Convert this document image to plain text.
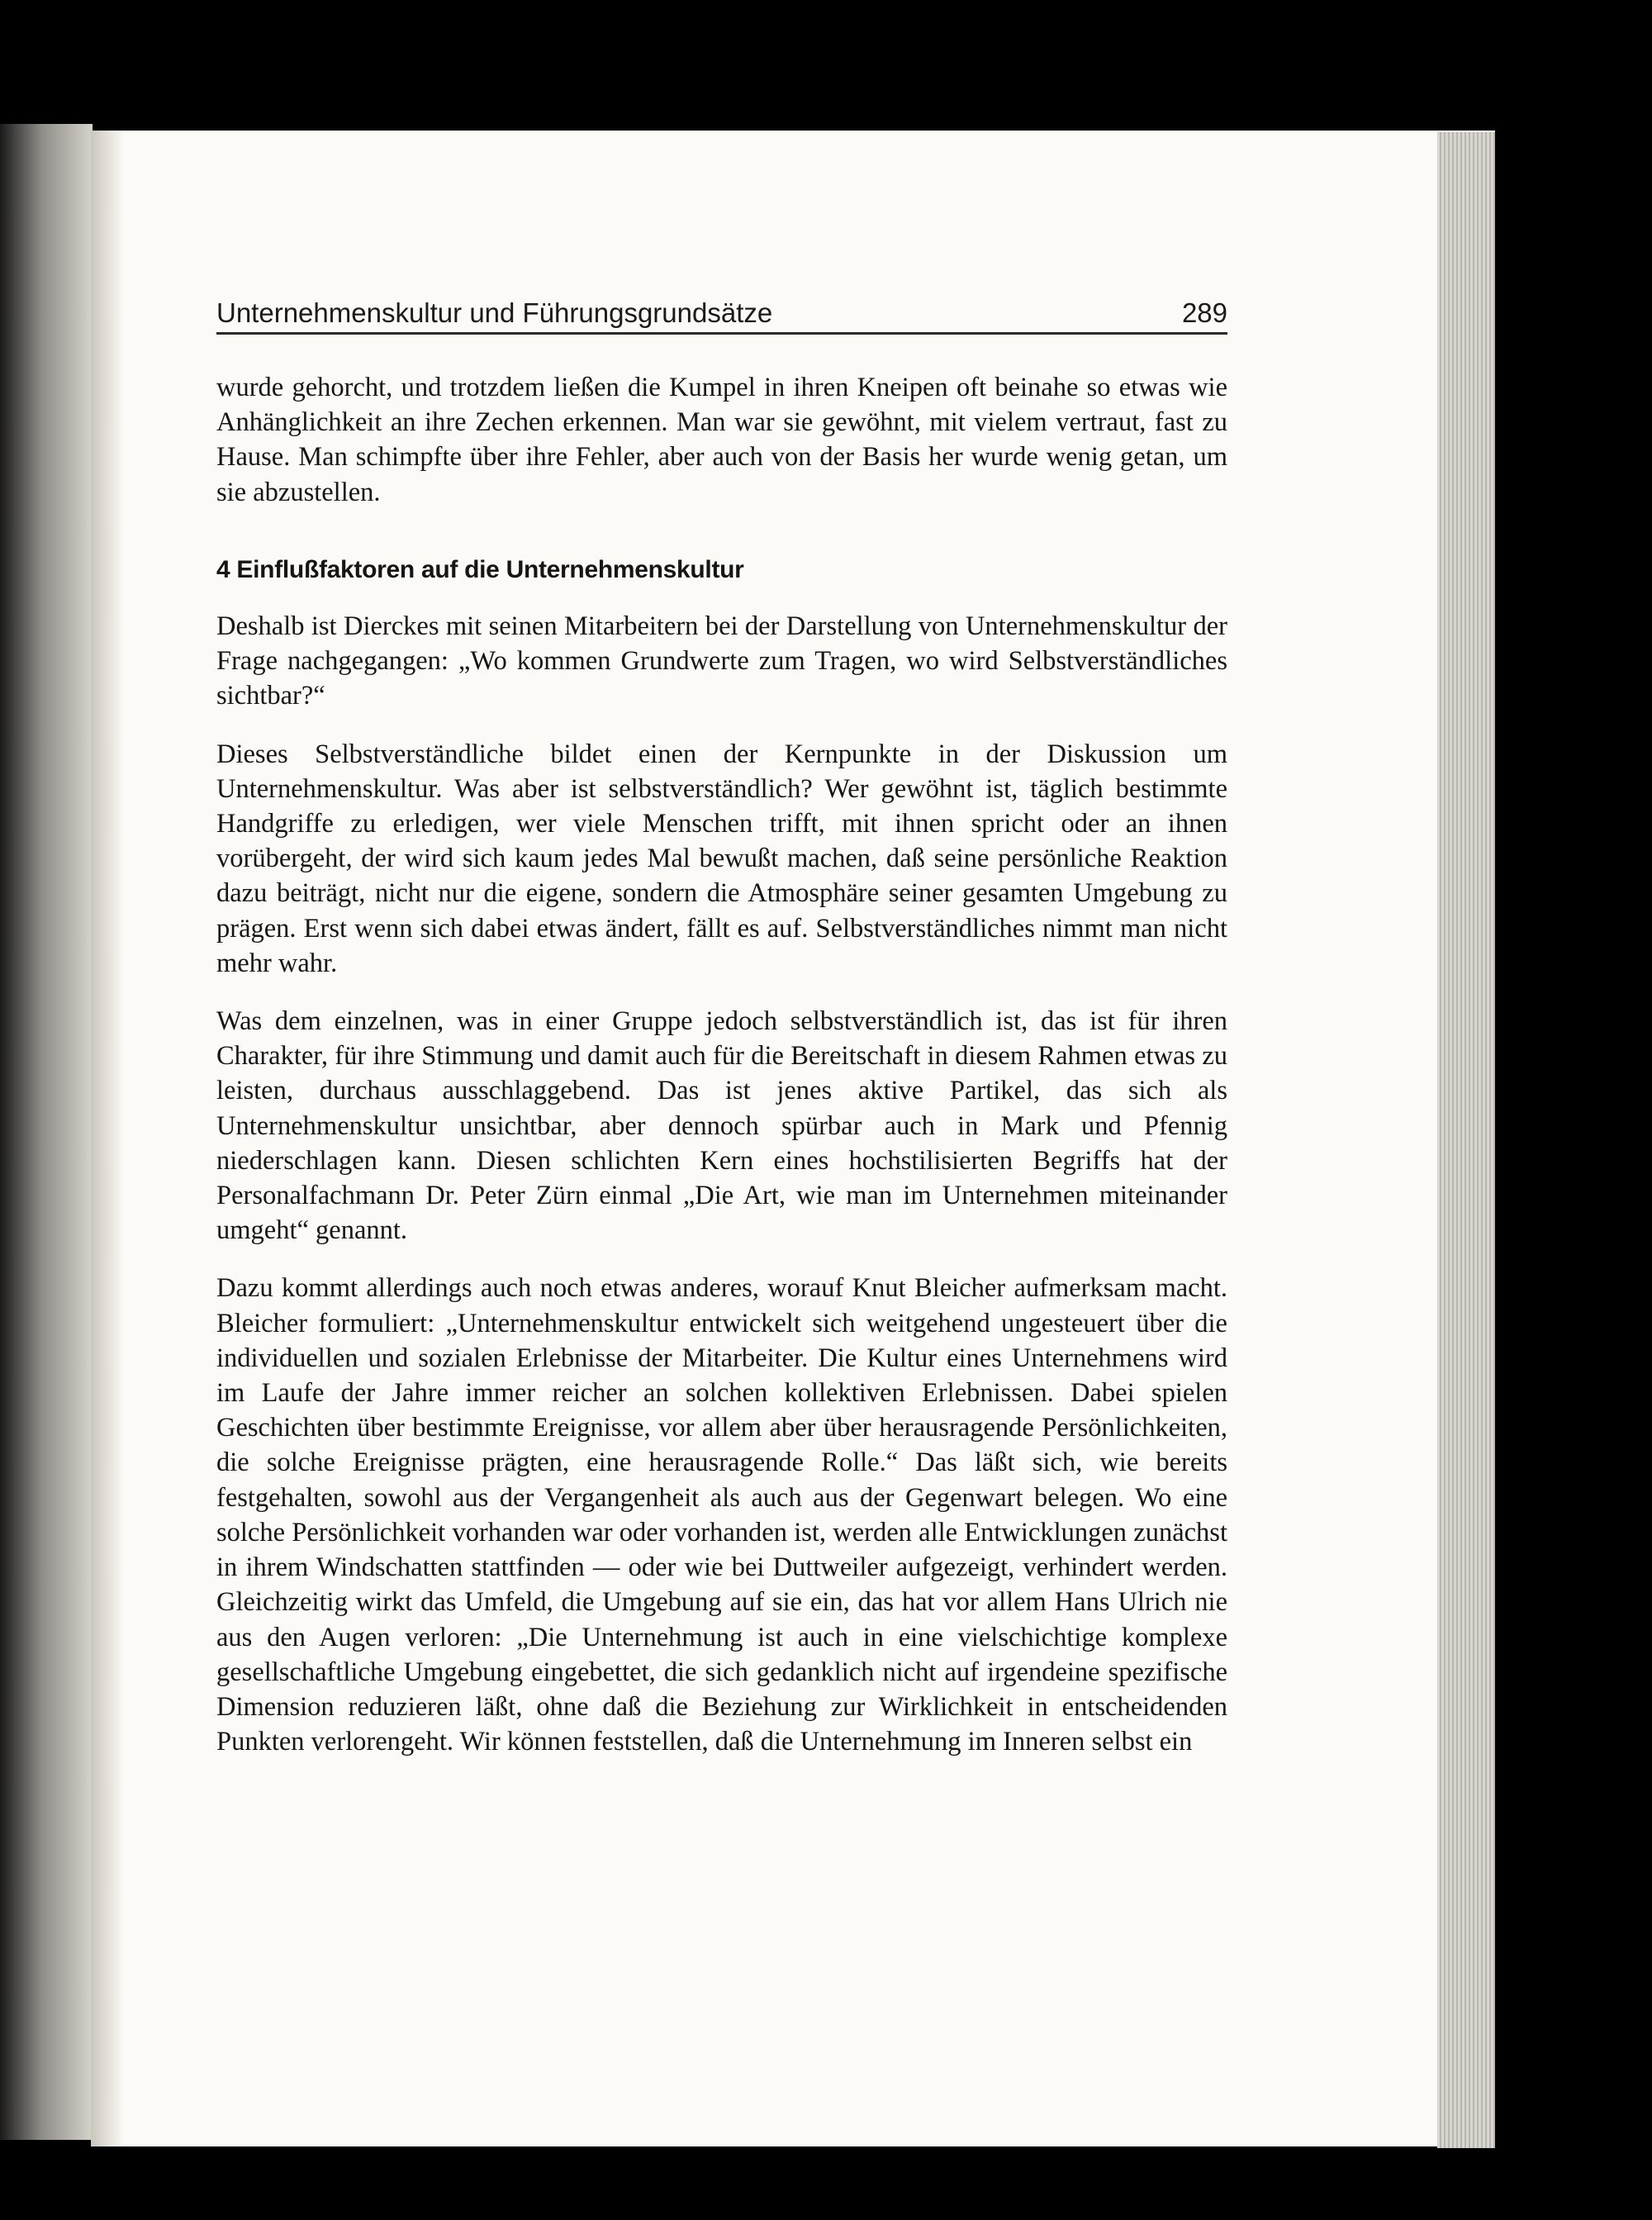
Unternehmenskultur und Führungsgrundsätze	289

wurde gehorcht, und trotzdem ließen die Kumpel in ihren Kneipen oft beinahe so etwas wie Anhänglichkeit an ihre Zechen erkennen. Man war sie gewöhnt, mit vielem vertraut, fast zu Hause. Man schimpfte über ihre Fehler, aber auch von der Basis her wurde wenig getan, um sie abzustellen.

4 Einflußfaktoren auf die Unternehmenskultur

Deshalb ist Dierckes mit seinen Mitarbeitern bei der Darstellung von Unternehmenskultur der Frage nachgegangen: „Wo kommen Grundwerte zum Tragen, wo wird Selbstverständliches sichtbar?“

Dieses Selbstverständliche bildet einen der Kernpunkte in der Diskussion um Unternehmenskultur. Was aber ist selbstverständlich? Wer gewöhnt ist, täglich bestimmte Handgriffe zu erledigen, wer viele Menschen trifft, mit ihnen spricht oder an ihnen vorübergeht, der wird sich kaum jedes Mal bewußt machen, daß seine persönliche Reaktion dazu beiträgt, nicht nur die eigene, sondern die Atmosphäre seiner gesamten Umgebung zu prägen. Erst wenn sich dabei etwas ändert, fällt es auf. Selbstverständliches nimmt man nicht mehr wahr.

Was dem einzelnen, was in einer Gruppe jedoch selbstverständlich ist, das ist für ihren Charakter, für ihre Stimmung und damit auch für die Bereitschaft in diesem Rahmen etwas zu leisten, durchaus ausschlaggebend. Das ist jenes aktive Partikel, das sich als Unternehmenskultur unsichtbar, aber dennoch spürbar auch in Mark und Pfennig niederschlagen kann. Diesen schlichten Kern eines hochstilisierten Begriffs hat der Personalfachmann Dr. Peter Zürn einmal „Die Art, wie man im Unternehmen miteinander umgeht“ genannt.

Dazu kommt allerdings auch noch etwas anderes, worauf Knut Bleicher aufmerksam macht. Bleicher formuliert: „Unternehmenskultur entwickelt sich weitgehend ungesteuert über die individuellen und sozialen Erlebnisse der Mitarbeiter. Die Kultur eines Unternehmens wird im Laufe der Jahre immer reicher an solchen kollektiven Erlebnissen. Dabei spielen Geschichten über bestimmte Ereignisse, vor allem aber über herausragende Persönlichkeiten, die solche Ereignisse prägten, eine herausragende Rolle.“ Das läßt sich, wie bereits festgehalten, sowohl aus der Vergangenheit als auch aus der Gegenwart belegen. Wo eine solche Persönlichkeit vorhanden war oder vorhanden ist, werden alle Entwicklungen zunächst in ihrem Windschatten stattfinden — oder wie bei Duttweiler aufgezeigt, verhindert werden. Gleichzeitig wirkt das Umfeld, die Umgebung auf sie ein, das hat vor allem Hans Ulrich nie aus den Augen verloren: „Die Unternehmung ist auch in eine vielschichtige komplexe gesellschaftliche Umgebung eingebettet, die sich gedanklich nicht auf irgendeine spezifische Dimension reduzieren läßt, ohne daß die Beziehung zur Wirklichkeit in entscheidenden Punkten verlorengeht. Wir können feststellen, daß die Unternehmung im Inneren selbst ein
